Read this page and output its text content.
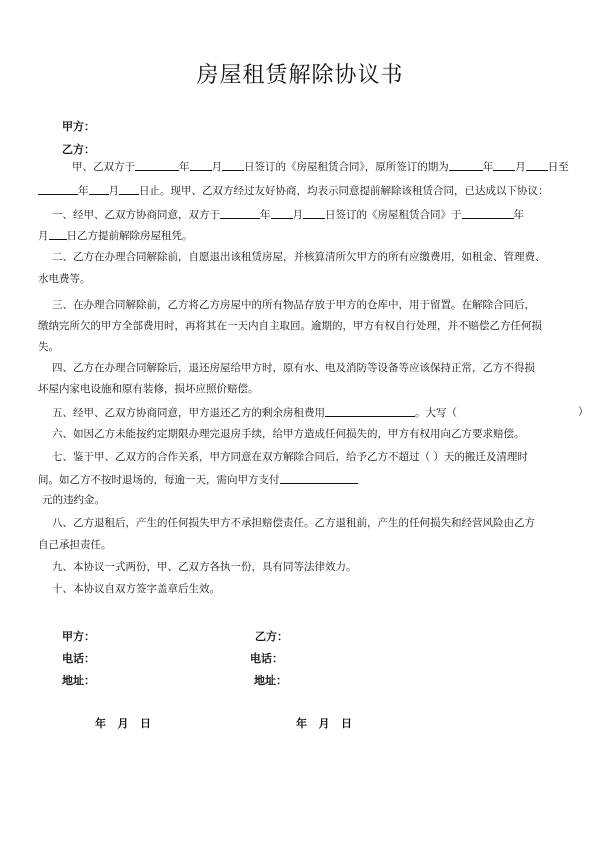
房屋租赁解除协议书
甲方：
乙方：
甲、乙双方于	年 月 日签订的《房屋租赁合同》，原所签订的期为	年 月 日至
年 月 日止。现甲、乙双方经过友好协商，均表示同意提前解除该租赁合同，已达成以下协议：
一、经甲、乙双方协商同意，双方于	年 月 日签订的《房屋租赁合同》于	年
月 日乙方提前解除房屋租凭。
二、乙方在办理合同解除前，自愿退出该租赁房屋，并核算清所欠甲方的所有应缴费用，如租金、管理费、
水电费等。
三、在办理合同解除前，乙方将乙方房屋中的所有物品存放于甲方的仓库中，用于留置。在解除合同后，
缴纳完所欠的甲方全部费用时，再将其在一天内自主取回。逾期的，甲方有权自行处理，并不赔偿乙方任何损
失。
四、乙方在办理合同解除后，退还房屋给甲方时，原有水、电及消防等设备等应该保持正常，乙方不得损
坏屋内家电设施和原有装修，损坏应照价赔偿。
五、经甲、乙双方协商同意，甲方退还乙方的剩余房租费用	。大写（	）
六、如因乙方未能按约定期限办理完退房手续，给甲方造成任何损失的，甲方有权用向乙方要求赔偿。
七、鉴于甲、乙双方的合作关系，甲方同意在双方解除合同后，给予乙方不超过（ ）天的搬迁及清理时
间。如乙方不按时退场的，每逾一天，需向甲方支付
元的违约金。
八、乙方退租后，产生的任何损失甲方不承担赔偿责任。乙方退租前，产生的任何损失和经营风险由乙方
自己承担责任。
九、本协议一式两份，甲、乙双方各执一份，具有同等法律效力。
十、本协议自双方签字盖章后生效。
甲方：	乙方：
电话：	电话：
地址：	地址：
年   月   日	年   月   日
